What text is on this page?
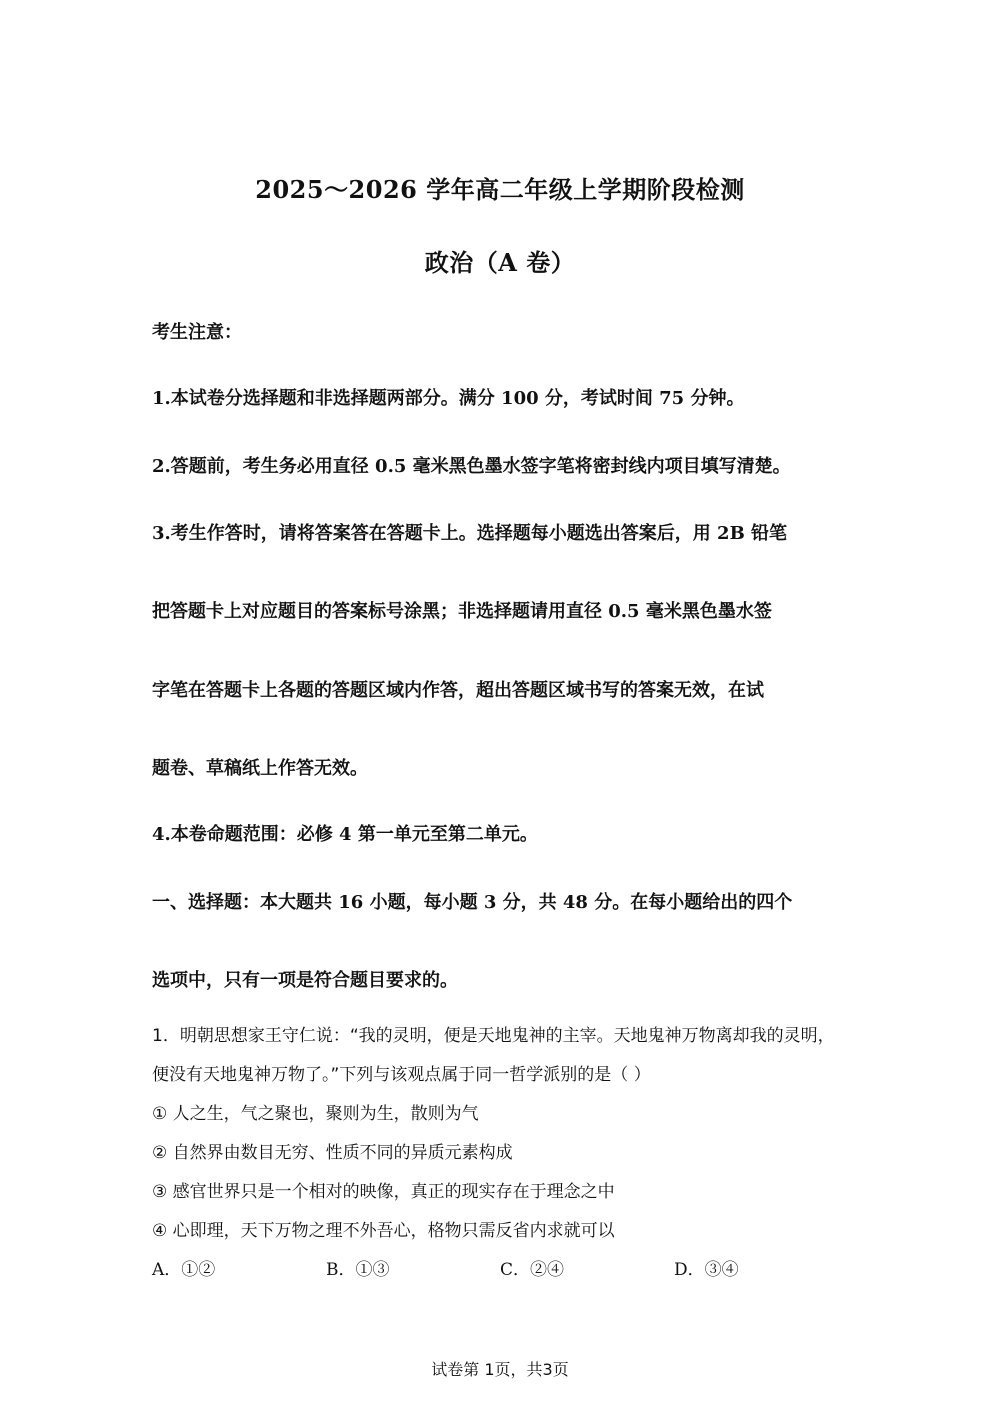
2025～2026 学年高二年级上学期阶段检测
政治（A 卷）
考生注意：
1.本试卷分选择题和非选择题两部分。满分 100 分，考试时间 75 分钟。
2.答题前，考生务必用直径 0.5 毫米黑色墨水签字笔将密封线内项目填写清楚。
3.考生作答时，请将答案答在答题卡上。选择题每小题选出答案后，用 2B 铅笔
把答题卡上对应题目的答案标号涂黑；非选择题请用直径 0.5 毫米黑色墨水签
字笔在答题卡上各题的答题区域内作答，超出答题区域书写的答案无效，在试
题卷、草稿纸上作答无效。
4.本卷命题范围：必修 4 第一单元至第二单元。
一、选择题：本大题共 16 小题，每小题 3 分，共 48 分。在每小题给出的四个
选项中，只有一项是符合题目要求的。
1．明朝思想家王守仁说：“我的灵明，便是天地鬼神的主宰。天地鬼神万物离却我的灵明，
便没有天地鬼神万物了。”下列与该观点属于同一哲学派别的是（ ）
① 人之生，气之聚也，聚则为生，散则为气
② 自然界由数目无穷、性质不同的异质元素构成
③ 感官世界只是一个相对的映像，真正的现实存在于理念之中
④ 心即理，天下万物之理不外吾心，格物只需反省内求就可以
A．①②	B．①③	C．②④	D．③④
试卷第 1页，共3页
